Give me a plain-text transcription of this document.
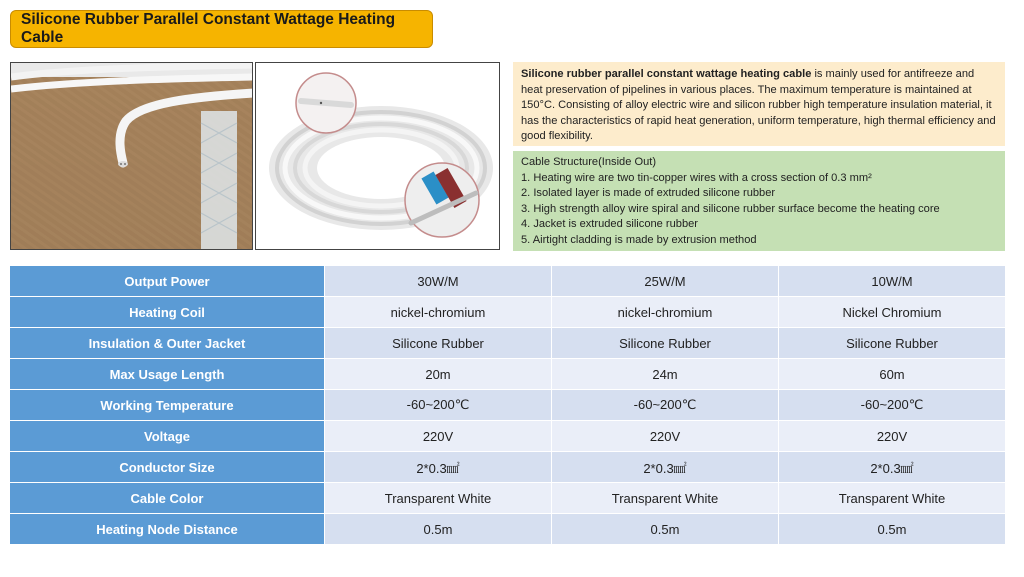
Silicone Rubber Parallel Constant Wattage Heating Cable
Silicone rubber parallel constant wattage heating cable is mainly used for antifreeze and heat preservation of pipelines in various places. The maximum temperature is maintained at 150°C. Consisting of alloy electric wire and silicon rubber high temperature insulation material, it has the characteristics of rapid heat generation, uniform temperature, high thermal efficiency and good flexibility.
Cable Structure(Inside Out)
1. Heating wire are two tin-copper wires with a cross section of 0.3 mm²
2. Isolated layer is made of extruded silicone rubber
3. High strength alloy wire spiral and silicone rubber surface become the heating core
4. Jacket is extruded silicone rubber
5. Airtight cladding is made by extrusion method
Output Power	30W/M	25W/M	10W/M
Heating Coil	nickel-chromium	nickel-chromium	Nickel Chromium
Insulation & Outer Jacket	Silicone Rubber	Silicone Rubber	Silicone Rubber
Max Usage Length	20m	24m	60m
Working Temperature	-60~200℃	-60~200℃	-60~200℃
Voltage	220V	220V	220V
Conductor Size	2*0.3㎟	2*0.3㎟	2*0.3㎟
Cable Color	Transparent White	Transparent White	Transparent White
Heating Node Distance	0.5m	0.5m	0.5m
